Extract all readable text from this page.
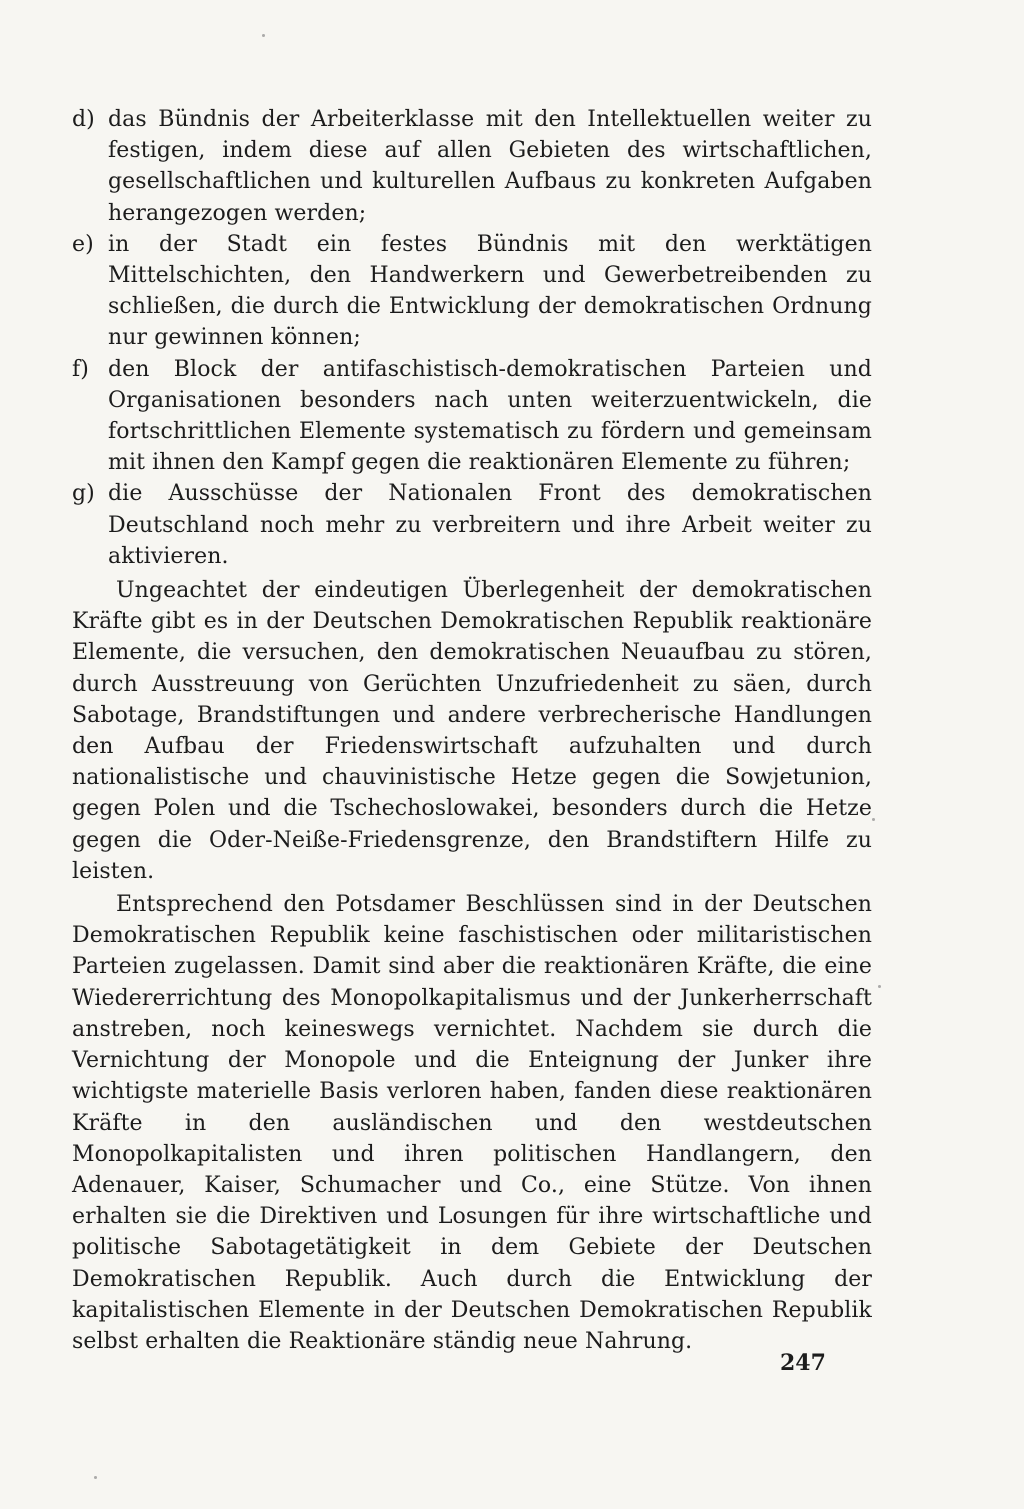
d) das Bündnis der Arbeiterklasse mit den Intellektuellen weiter zu festigen, indem diese auf allen Gebieten des wirtschaftlichen, gesellschaftlichen und kulturellen Aufbaus zu konkreten Aufgaben herangezogen werden;
e) in der Stadt ein festes Bündnis mit den werktätigen Mittelschichten, den Handwerkern und Gewerbetreibenden zu schließen, die durch die Entwicklung der demokratischen Ordnung nur gewinnen können;
f) den Block der antifaschistisch-demokratischen Parteien und Organisationen besonders nach unten weiterzuentwickeln, die fortschrittlichen Elemente systematisch zu fördern und gemeinsam mit ihnen den Kampf gegen die reaktionären Elemente zu führen;
g) die Ausschüsse der Nationalen Front des demokratischen Deutschland noch mehr zu verbreitern und ihre Arbeit weiter zu aktivieren.

Ungeachtet der eindeutigen Überlegenheit der demokratischen Kräfte gibt es in der Deutschen Demokratischen Republik reaktionäre Elemente, die versuchen, den demokratischen Neuaufbau zu stören, durch Ausstreuung von Gerüchten Unzufriedenheit zu säen, durch Sabotage, Brandstiftungen und andere verbrecherische Handlungen den Aufbau der Friedenswirtschaft aufzuhalten und durch nationalistische und chauvinistische Hetze gegen die Sowjetunion, gegen Polen und die Tschechoslowakei, besonders durch die Hetze gegen die Oder-Neiße-Friedensgrenze, den Brandstiftern Hilfe zu leisten.

Entsprechend den Potsdamer Beschlüssen sind in der Deutschen Demokratischen Republik keine faschistischen oder militaristischen Parteien zugelassen. Damit sind aber die reaktionären Kräfte, die eine Wiedererrichtung des Monopolkapitalismus und der Junkerherrschaft anstreben, noch keineswegs vernichtet. Nachdem sie durch die Vernichtung der Monopole und die Enteignung der Junker ihre wichtigste materielle Basis verloren haben, fanden diese reaktionären Kräfte in den ausländischen und den westdeutschen Monopolkapitalisten und ihren politischen Handlangern, den Adenauer, Kaiser, Schumacher und Co., eine Stütze. Von ihnen erhalten sie die Direktiven und Losungen für ihre wirtschaftliche und politische Sabotagetätigkeit in dem Gebiete der Deutschen Demokratischen Republik. Auch durch die Entwicklung der kapitalistischen Elemente in der Deutschen Demokratischen Republik selbst erhalten die Reaktionäre ständig neue Nahrung.

247
